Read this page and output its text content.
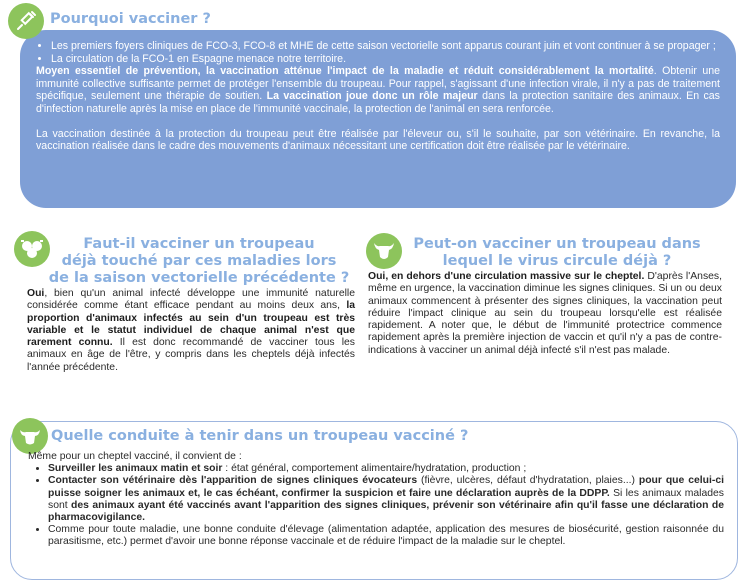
• Les premiers foyers cliniques de FCO-3, FCO-8 et MHE de cette saison vectorielle sont apparus courant juin et vont continuer à se propager ;
• La circulation de la FCO-1 en Espagne menace notre territoire.

Moyen essentiel de prévention, la vaccination atténue l'impact de la maladie et réduit considérablement la mortalité. Obtenir une immunité collective suffisante permet de protéger l'ensemble du troupeau. Pour rappel, s'agissant d'une infection virale, il n'y a pas de traitement spécifique, seulement une thérapie de soutien. La vaccination joue donc un rôle majeur dans la protection sanitaire des animaux. En cas d'infection naturelle après la mise en place de l'immunité vaccinale, la protection de l'animal en sera renforcée.

La vaccination destinée à la protection du troupeau peut être réalisée par l'éleveur ou, s'il le souhaite, par son vétérinaire. En revanche, la vaccination réalisée dans le cadre des mouvements d'animaux nécessitant une certification doit être réalisée par le vétérinaire.

Pourquoi vacciner ?
Faut-il vacciner un troupeau
déjà touché par ces maladies lors
de la saison vectorielle précédente ?

Oui, bien qu'un animal infecté développe une immunité naturelle considérée comme étant efficace pendant au moins deux ans, la proportion d'animaux infectés au sein d'un troupeau est très variable et le statut individuel de chaque animal n'est que rarement connu. Il est donc recommandé de vacciner tous les animaux en âge de l'être, y compris dans les cheptels déjà infectés l'année précédente.

Peut-on vacciner un troupeau dans
lequel le virus circule déjà ?

Oui, en dehors d'une circulation massive sur le cheptel. D'après l'Anses, même en urgence, la vaccination diminue les signes cliniques. Si un ou deux animaux commencent à présenter des signes cliniques, la vaccination peut réduire l'impact clinique au sein du troupeau lorsqu'elle est réalisée rapidement. A noter que, le début de l'immunité protectrice commence rapidement après la première injection de vaccin et qu'il n'y a pas de contre-indications à vacciner un animal déjà infecté s'il n'est pas malade.

Quelle conduite à tenir dans un troupeau vacciné ?

Même pour un cheptel vacciné, il convient de :

• Surveiller les animaux matin et soir : état général, comportement alimentaire/hydratation, production ;
• Contacter son vétérinaire dès l'apparition de signes cliniques évocateurs (fièvre, ulcères, défaut d'hydratation, plaies...) pour que celui-ci puisse soigner les animaux et, le cas échéant, confirmer la suspicion et faire une déclaration auprès de la DDPP. Si les animaux malades sont des animaux ayant été vaccinés avant l'apparition des signes cliniques, prévenir son vétérinaire afin qu'il fasse une déclaration de pharmacovigilance.
• Comme pour toute maladie, une bonne conduite d'élevage (alimentation adaptée, application des mesures de biosécurité, gestion raisonnée du parasitisme, etc.) permet d'avoir une bonne réponse vaccinale et de réduire l'impact de la maladie sur le cheptel.
